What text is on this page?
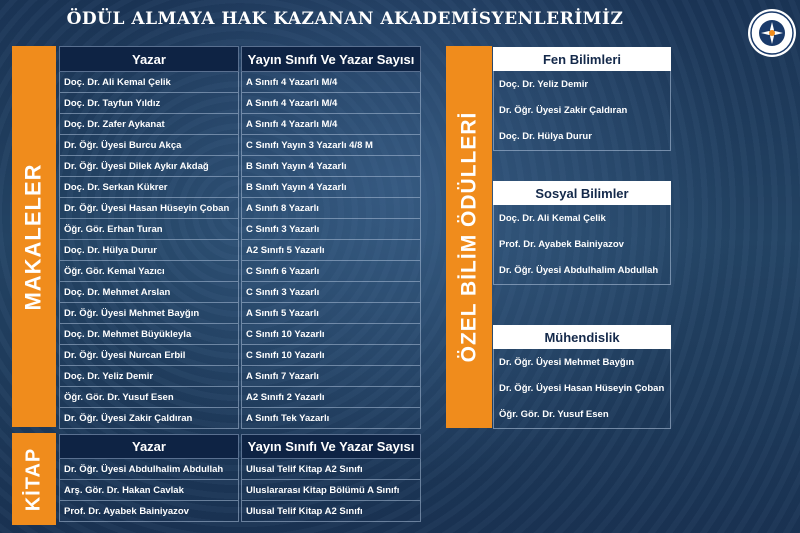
ÖDÜL ALMAYA HAK KAZANAN AKADEMİSYENLERİMİZ
MAKALELER
Yazar	Yayın Sınıfı Ve Yazar Sayısı
Doç. Dr. Ali Kemal Çelik	A Sınıfı 4 Yazarlı M/4
Doç. Dr. Tayfun Yıldız	A Sınıfı 4 Yazarlı M/4
Doç. Dr. Zafer Aykanat	A Sınıfı 4 Yazarlı M/4
Dr. Öğr. Üyesi Burcu Akça	C Sınıfı Yayın 3 Yazarlı 4/8 M
Dr. Öğr. Üyesi Dilek Aykır Akdağ	B Sınıfı Yayın 4 Yazarlı
Doç. Dr. Serkan Kükrer	B Sınıfı Yayın 4 Yazarlı
Dr. Öğr. Üyesi Hasan Hüseyin Çoban	A Sınıfı 8 Yazarlı
Öğr. Gör. Erhan Turan	C Sınıfı 3 Yazarlı
Doç. Dr. Hülya Durur	A2 Sınıfı 5 Yazarlı
Öğr. Gör. Kemal Yazıcı	C Sınıfı 6 Yazarlı
Doç. Dr. Mehmet Arslan	C Sınıfı 3 Yazarlı
Dr. Öğr. Üyesi Mehmet Bayğın	A Sınıfı 5 Yazarlı
Doç. Dr. Mehmet Büyükleyla	C Sınıfı 10 Yazarlı
Dr. Öğr. Üyesi Nurcan Erbil	C Sınıfı 10 Yazarlı
Doç. Dr. Yeliz Demir	A Sınıfı 7 Yazarlı
Öğr. Gör. Dr. Yusuf Esen	A2 Sınıfı 2 Yazarlı
Dr. Öğr. Üyesi Zakir Çaldıran	A Sınıfı Tek Yazarlı
KİTAP
Yazar	Yayın Sınıfı Ve Yazar Sayısı
Dr. Öğr. Üyesi Abdulhalim Abdullah	Ulusal Telif Kitap A2 Sınıfı
Arş. Gör. Dr. Hakan Cavlak	Uluslararası Kitap Bölümü A Sınıfı
Prof. Dr. Ayabek Bainiyazov	Ulusal Telif Kitap A2 Sınıfı
ÖZEL BİLİM ÖDÜLLERİ
Fen Bilimleri
Doç. Dr. Yeliz Demir
Dr. Öğr. Üyesi Zakir Çaldıran
Doç. Dr. Hülya Durur
Sosyal Bilimler
Doç. Dr. Ali Kemal Çelik
Prof. Dr. Ayabek Bainiyazov
Dr. Öğr. Üyesi Abdulhalim Abdullah
Mühendislik
Dr. Öğr. Üyesi Mehmet Bayğın
Dr. Öğr. Üyesi Hasan Hüseyin Çoban
Öğr. Gör. Dr. Yusuf Esen
